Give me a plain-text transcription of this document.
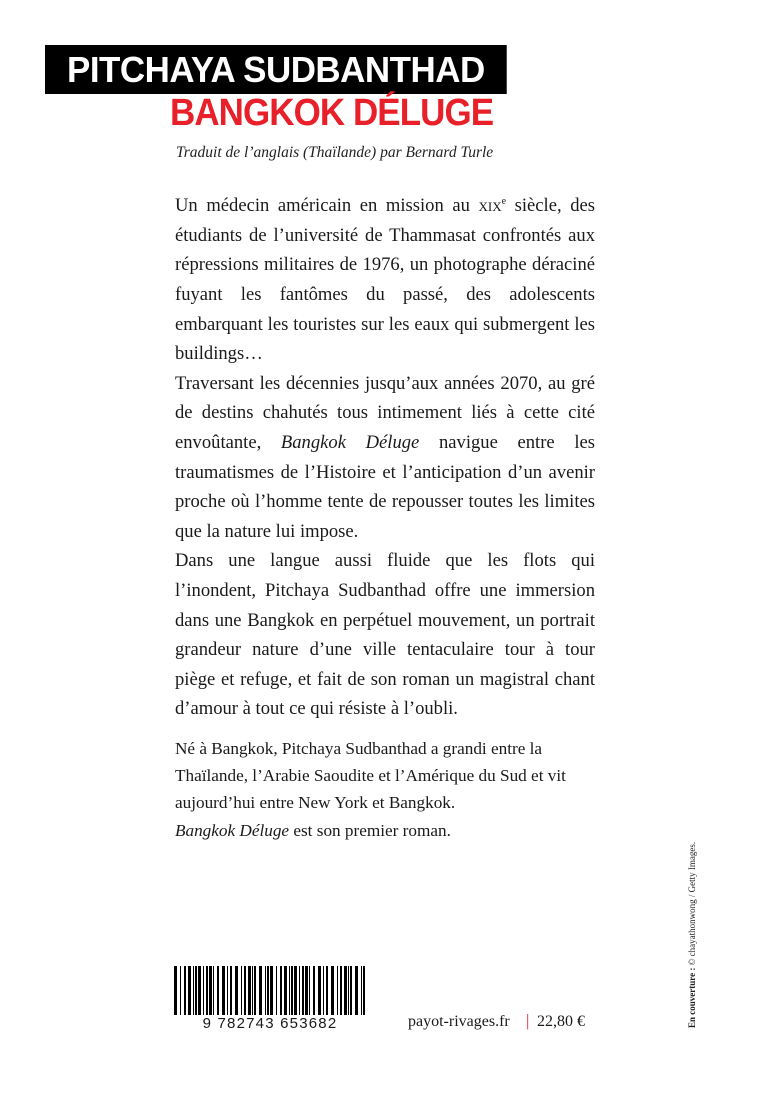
PITCHAYA SUDBANTHAD
BANGKOK DÉLUGE
Traduit de l’anglais (Thaïlande) par Bernard Turle

Un médecin américain en mission au xix$^e$ siècle, des étudiants de l’université de Thammasat confrontés aux répressions militaires de 1976, un photographe déraciné fuyant les fantômes du passé, des adolescents embarquant les touristes sur les eaux qui submergent les buildings…

Traversant les décennies jusqu’aux années 2070, au gré de destins chahutés tous intimement liés à cette cité envoûtante, Bangkok Déluge navigue entre les traumatismes de l’Histoire et l’anticipation d’un avenir proche où l’homme tente de repousser toutes les limites que la nature lui impose.

Dans une langue aussi fluide que les flots qui l’inondent, Pitchaya Sudbanthad offre une immersion dans une Bangkok en perpétuel mouvement, un portrait grandeur nature d’une ville tentaculaire tour à tour piège et refuge, et fait de son roman un magistral chant d’amour à tout ce qui résiste à l’oubli.

Né à Bangkok, Pitchaya Sudbanthad a grandi entre la Thaïlande, l’Arabie Saoudite et l’Amérique du Sud et vit aujourd’hui entre New York et Bangkok.

Bangkok Déluge est son premier roman.

En couverture : © chayathonwong / Getty Images.
9 782743 653682	payot-rivages.fr | 22,80 €
